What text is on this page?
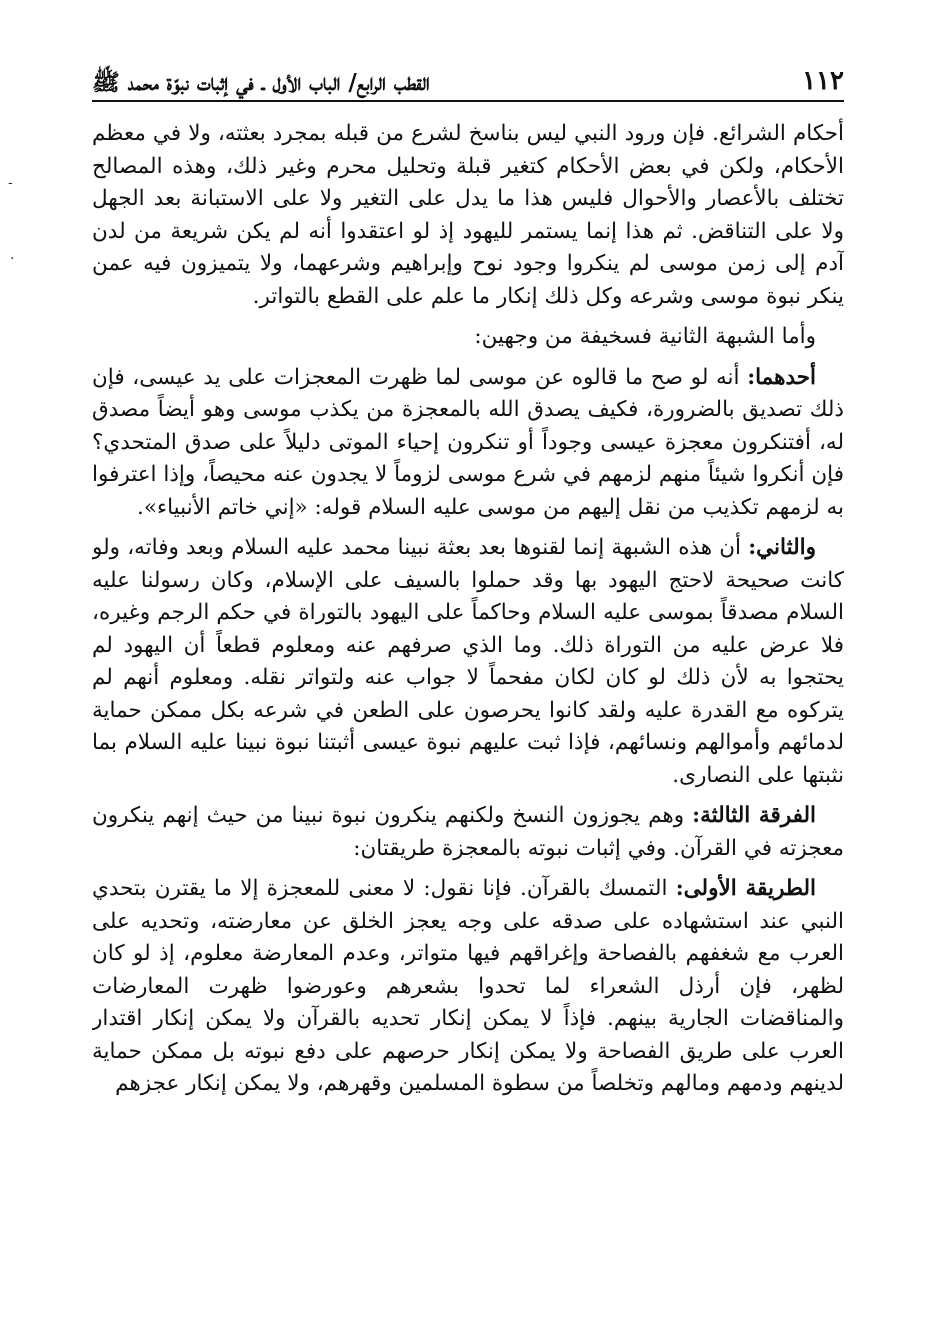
١١٢
القطب الرابع/ الباب الأول ـ في إثبات نبوّة محمد ﷺ

أحكام الشرائع. فإن ورود النبي ليس بناسخ لشرع من قبله بمجرد بعثته، ولا في معظم الأحكام، ولكن في بعض الأحكام كتغير قبلة وتحليل محرم وغير ذلك، وهذه المصالح تختلف بالأعصار والأحوال فليس هذا ما يدل على التغير ولا على الاستبانة بعد الجهل ولا على التناقض. ثم هذا إنما يستمر لليهود إذ لو اعتقدوا أنه لم يكن شريعة من لدن آدم إلى زمن موسى لم ينكروا وجود نوح وإبراهيم وشرعهما، ولا يتميزون فيه عمن ينكر نبوة موسى وشرعه وكل ذلك إنكار ما علم على القطع بالتواتر.

وأما الشبهة الثانية فسخيفة من وجهين:

أحدهما: أنه لو صح ما قالوه عن موسى لما ظهرت المعجزات على يد عيسى، فإن ذلك تصديق بالضرورة، فكيف يصدق الله بالمعجزة من يكذب موسى وهو أيضاً مصدق له، أفتنكرون معجزة عيسى وجوداً أو تنكرون إحياء الموتى دليلاً على صدق المتحدي؟ فإن أنكروا شيئاً منهم لزمهم في شرع موسى لزوماً لا يجدون عنه محيصاً، وإذا اعترفوا به لزمهم تكذيب من نقل إليهم من موسى عليه السلام قوله: «إني خاتم الأنبياء».

والثاني: أن هذه الشبهة إنما لقنوها بعد بعثة نبينا محمد عليه السلام وبعد وفاته، ولو كانت صحيحة لاحتج اليهود بها وقد حملوا بالسيف على الإسلام، وكان رسولنا عليه السلام مصدقاً بموسى عليه السلام وحاكماً على اليهود بالتوراة في حكم الرجم وغيره، فلا عرض عليه من التوراة ذلك. وما الذي صرفهم عنه ومعلوم قطعاً أن اليهود لم يحتجوا به لأن ذلك لو كان لكان مفحماً لا جواب عنه ولتواتر نقله. ومعلوم أنهم لم يتركوه مع القدرة عليه ولقد كانوا يحرصون على الطعن في شرعه بكل ممكن حماية لدمائهم وأموالهم ونسائهم، فإذا ثبت عليهم نبوة عيسى أثبتنا نبوة نبينا عليه السلام بما نثبتها على النصارى.

الفرقة الثالثة: وهم يجوزون النسخ ولكنهم ينكرون نبوة نبينا من حيث إنهم ينكرون معجزته في القرآن. وفي إثبات نبوته بالمعجزة طريقتان:

الطريقة الأولى: التمسك بالقرآن. فإنا نقول: لا معنى للمعجزة إلا ما يقترن بتحدي النبي عند استشهاده على صدقه على وجه يعجز الخلق عن معارضته، وتحديه على العرب مع شغفهم بالفصاحة وإغراقهم فيها متواتر، وعدم المعارضة معلوم، إذ لو كان لظهر، فإن أرذل الشعراء لما تحدوا بشعرهم وعورضوا ظهرت المعارضات والمناقضات الجارية بينهم. فإذاً لا يمكن إنكار تحديه بالقرآن ولا يمكن إنكار اقتدار العرب على طريق الفصاحة ولا يمكن إنكار حرصهم على دفع نبوته بل ممكن حماية لدينهم ودمهم ومالهم وتخلصاً من سطوة المسلمين وقهرهم، ولا يمكن إنكار عجزهم

-
.
